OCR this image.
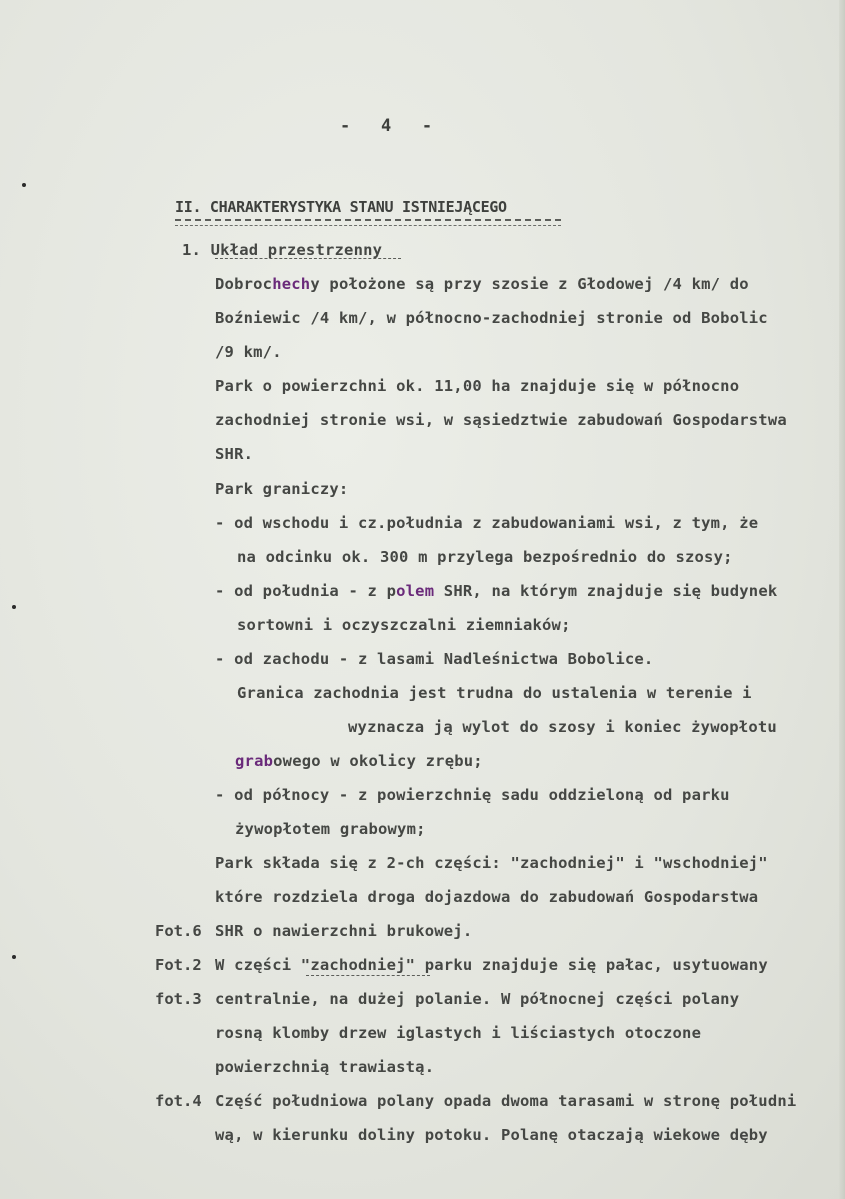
-   4   -
II. CHARAKTERYSTYKA STANU ISTNIEJĄCEGO
1. Układ przestrzenny
Dobrochechy położone są przy szosie z Głodowej /4 km/ do
Boźniewic /4 km/, w północno-zachodniej stronie od Bobolic
/9 km/.
Park o powierzchni ok. 11,00 ha znajduje się w północno
zachodniej stronie wsi, w sąsiedztwie zabudowań Gospodarstwa
SHR.
Park graniczy:
- od wschodu i cz.południa z zabudowaniami wsi, z tym, że
na odcinku ok. 300 m przylega bezpośrednio do szosy;
- od południa - z polem SHR, na którym znajduje się budynek
sortowni i oczyszczalni ziemniaków;
- od zachodu - z lasami Nadleśnictwa Bobolice.
Granica zachodnia jest trudna do ustalenia w terenie i
wyznacza ją wylot do szosy i koniec żywopłotu
grabowego w okolicy zrębu;
- od północy - z powierzchnię sadu oddzieloną od parku
żywopłotem grabowym;
Park składa się z 2-ch części: "zachodniej" i "wschodniej"
które rozdziela droga dojazdowa do zabudowań Gospodarstwa
Fot.6 SHR o nawierzchni brukowej.
Fot.2 W części "zachodniej" parku znajduje się pałac, usytuowany
fot.3 centralnie, na dużej polanie. W północnej części polany
rosną klomby drzew iglastych i liściastych otoczone
powierzchnią trawiastą.
fot.4 Część południowa polany opada dwoma tarasami w stronę południ
wą, w kierunku doliny potoku. Polanę otaczają wiekowe dęby
